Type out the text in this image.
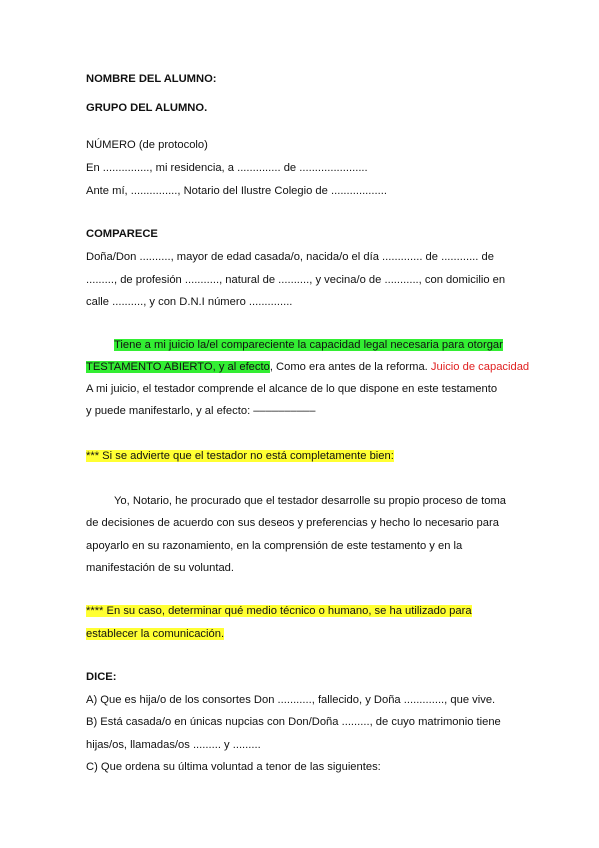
NOMBRE DEL ALUMNO:
GRUPO DEL ALUMNO.
NÚMERO (de protocolo)
En ..............., mi residencia, a .............. de ......................
Ante mí, ..............., Notario del Ilustre Colegio de ..................
COMPARECE
Doña/Don .........., mayor de edad casada/o, nacida/o el día ............. de ............ de
........., de profesión ..........., natural de .........., y vecina/o de ..........., con domicilio en
calle .........., y con D.N.I número ..............
Tiene a mi juicio la/el compareciente la capacidad legal necesaria para otorgar
TESTAMENTO ABIERTO, y al efecto, Como era antes de la reforma. Juicio de capacidad
A mi juicio, el testador comprende el alcance de lo que dispone en este testamento
y puede manifestarlo, y al efecto: ––––––––––
*** Si se advierte que el testador no está completamente bien:
Yo, Notario, he procurado que el testador desarrolle su propio proceso de toma
de decisiones de acuerdo con sus deseos y preferencias y hecho lo necesario para
apoyarlo en su razonamiento, en la comprensión de este testamento y en la
manifestación de su voluntad.
**** En su caso, determinar qué medio técnico o humano, se ha utilizado para
establecer la comunicación.
DICE:
A) Que es hija/o de los consortes Don ..........., fallecido, y Doña ............., que vive.
B) Está casada/o en únicas nupcias con Don/Doña ........., de cuyo matrimonio tiene
hijas/os, llamadas/os ......... y .........
C) Que ordena su última voluntad a tenor de las siguientes:
